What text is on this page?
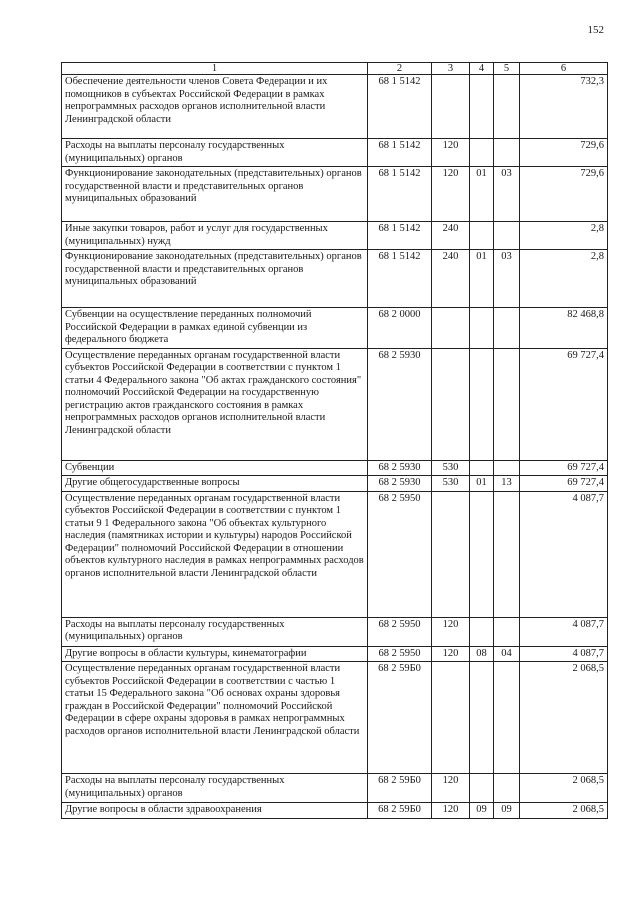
152
1	2	3	4	5	6
Обеспечение деятельности членов Совета Федерации и их помощников в субъектах Российской Федерации в рамках непрограммных расходов органов исполнительной власти Ленинградской области	68 1 5142				732,3
Расходы на выплаты персоналу государственных (муниципальных) органов	68 1 5142	120			729,6
Функционирование законодательных (представительных) органов государственной власти и представительных органов муниципальных образований	68 1 5142	120	01	03	729,6
Иные закупки товаров, работ и услуг для государственных (муниципальных) нужд	68 1 5142	240			2,8
Функционирование законодательных (представительных) органов государственной власти и представительных органов муниципальных образований	68 1 5142	240	01	03	2,8
Субвенции на осуществление переданных полномочий Российской Федерации в рамках единой субвенции из федерального бюджета	68 2 0000				82 468,8
Осуществление переданных органам государственной власти субъектов Российской Федерации в соответствии с пунктом 1 статьи 4 Федерального закона "Об актах гражданского состояния" полномочий Российской Федерации на государственную регистрацию актов гражданского состояния в рамках непрограммных расходов органов исполнительной власти Ленинградской области	68 2 5930				69 727,4
Субвенции	68 2 5930	530			69 727,4
Другие общегосударственные вопросы	68 2 5930	530	01	13	69 727,4
Осуществление переданных органам государственной власти субъектов Российской Федерации в соответствии с пунктом 1 статьи 9 1 Федерального закона "Об объектах культурного наследия (памятниках истории и культуры) народов Российской Федерации" полномочий Российской Федерации в отношении объектов культурного наследия в рамках непрограммных расходов органов исполнительной власти Ленинградской области	68 2 5950				4 087,7
Расходы на выплаты персоналу государственных (муниципальных) органов	68 2 5950	120			4 087,7
Другие вопросы в области культуры, кинематографии	68 2 5950	120	08	04	4 087,7
Осуществление переданных органам государственной власти субъектов Российской Федерации в соответствии с частью 1 статьи 15 Федерального закона "Об основах охраны здоровья граждан в Российской Федерации" полномочий Российской Федерации в сфере охраны здоровья в рамках непрограммных расходов органов исполнительной власти Ленинградской области	68 2 59Б0				2 068,5
Расходы на выплаты персоналу государственных (муниципальных) органов	68 2 59Б0	120			2 068,5
Другие вопросы в области здравоохранения	68 2 59Б0	120	09	09	2 068,5
